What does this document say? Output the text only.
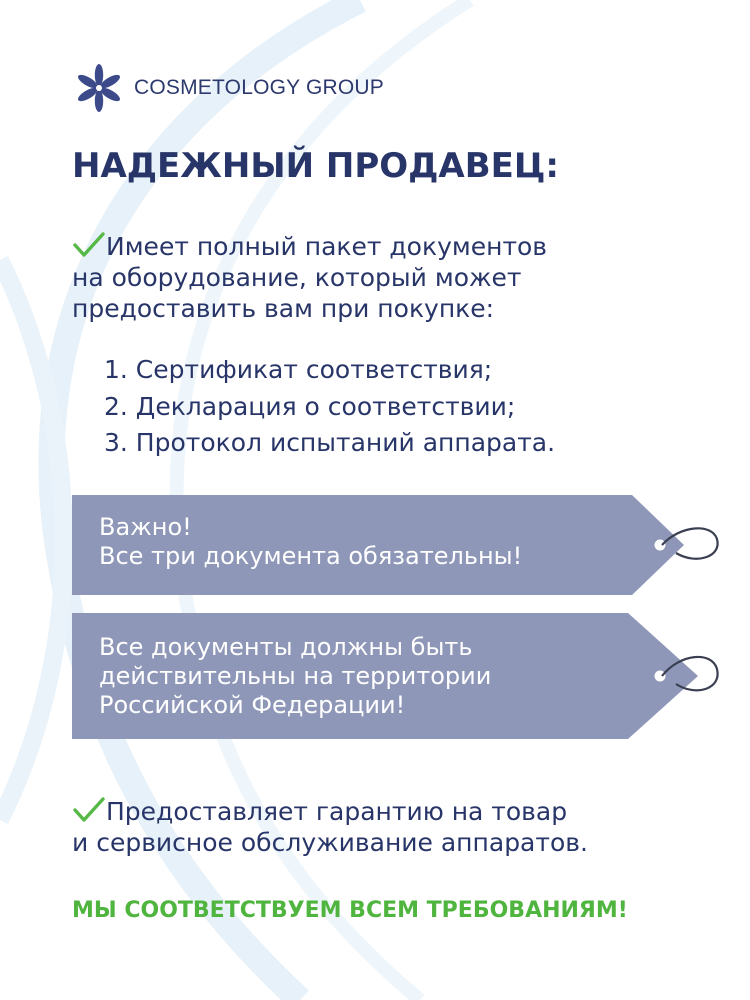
COSMETOLOGY GROUP
НАДЕЖНЫЙ ПРОДАВЕЦ:
Имеет полный пакет документов
на оборудование, который может
предоставить вам при покупке:
1. Сертификат соответствия;
2. Декларация о соответствии;
3. Протокол испытаний аппарата.
Важно!
Все три документа обязательны!
Все документы должны быть
действительны на территории
Российской Федерации!
Предоставляет гарантию на товар
и сервисное обслуживание аппаратов.

МЫ СООТВЕТСТВУЕМ ВСЕМ ТРЕБОВАНИЯМ!
